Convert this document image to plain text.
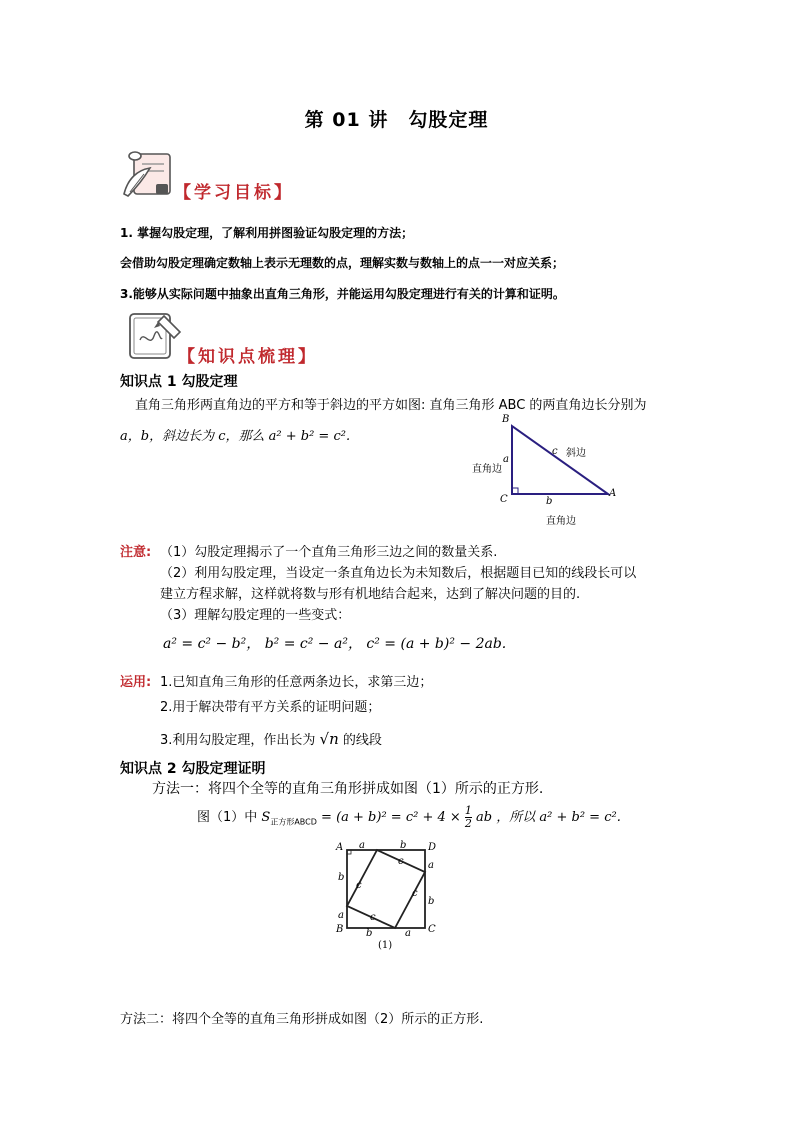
第 01 讲 勾股定理
【学习目标】
1. 掌握勾股定理，了解利用拼图验证勾股定理的方法；
会借助勾股定理确定数轴上表示无理数的点，理解实数与数轴上的点一一对应关系；
3.能够从实际问题中抽象出直角三角形，并能运用勾股定理进行有关的计算和证明。
【知识点梳理】
知识点 1 勾股定理
直角三角形两直角边的平方和等于斜边的平方如图: 直角三角形 ABC 的两直角边长分别为
a，b，斜边长为 c，那么 a² + b² = c².
B
C
A
a
b
c 斜边
直角边
直角边
注意: （1）勾股定理揭示了一个直角三角形三边之间的数量关系.
（2）利用勾股定理，当设定一条直角边长为未知数后，根据题目已知的线段长可以
建立方程求解，这样就将数与形有机地结合起来，达到了解决问题的目的.
（3）理解勾股定理的一些变式：
a² = c² − b²， b² = c² − a²， c² = (a + b)² − 2ab.
运用: 1.已知直角三角形的任意两条边长，求第三边；
2.用于解决带有平方关系的证明问题；
3.利用勾股定理，作出长为 √n 的线段
知识点 2 勾股定理证明
方法一：将四个全等的直角三角形拼成如图（1）所示的正方形.
图（1）中 $S_{正方形ABCD} = (a + b)^2 = c^2 + 4 \times \frac{1}{2}$ ab ，所以 a² + b² = c².
A	D
B	C
a	b
a
b
b
a
b	a
c
c
c
c
(1)
方法二：将四个全等的直角三角形拼成如图（2）所示的正方形.
